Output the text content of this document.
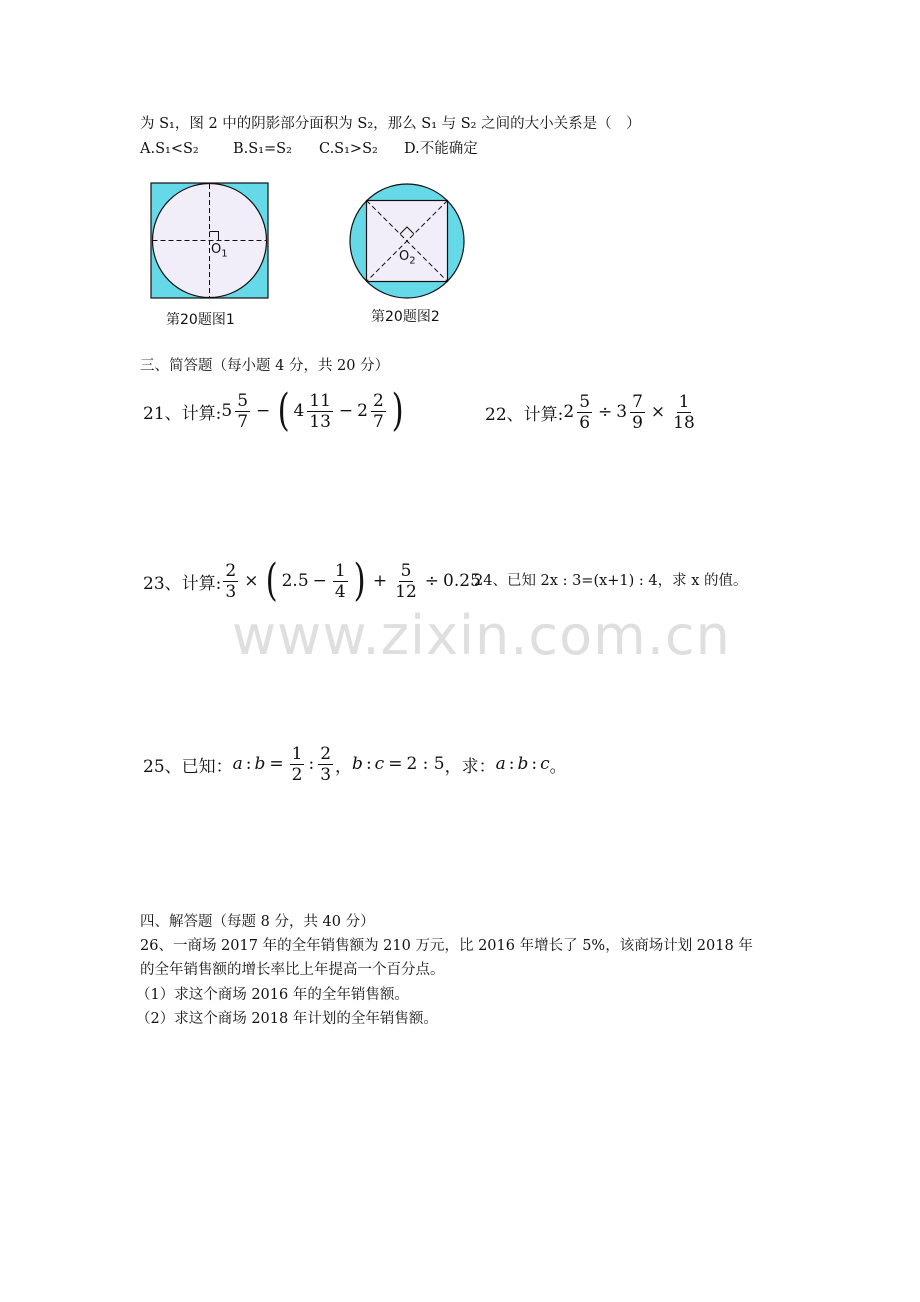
为 S₁，图 2 中的阴影部分面积为 S₂，那么 S₁ 与 S₂ 之间的大小关系是（　）
A.S₁<S₂ B.S₁=S₂ C.S₁>S₂ D.不能确定
$O_1$
第20题图1
$O_2$
第20题图2
三、简答题（每小题 4 分，共 20 分）
21、计算: $5 \frac{5}{7}$ − ( $4 \frac{11}{13} - 2 \frac{2}{7}$ )	22、计算: $2 \frac{5}{6} \div 3 \frac{7}{9} \times \frac{1}{18}$
23、计算: $\frac{2}{3}$ × ( $2.5 - \frac{1}{4}$ ) + $\frac{5}{12} \div 0.25$
24、已知 2x : 3=(x+1) : 4，求 x 的值。
www.zixin.com.cn
25、已知： a : $b = \frac{1}{2}$ : $\frac{2}{3}$ ， b : c = 2 : 5 ，求： a : b : c 。
四、解答题（每题 8 分，共 40 分）
26、一商场 2017 年的全年销售额为 210 万元，比 2016 年增长了 5%，该商场计划 2018 年
的全年销售额的增长率比上年提高一个百分点。
（1）求这个商场 2016 年的全年销售额。
（2）求这个商场 2018 年计划的全年销售额。
